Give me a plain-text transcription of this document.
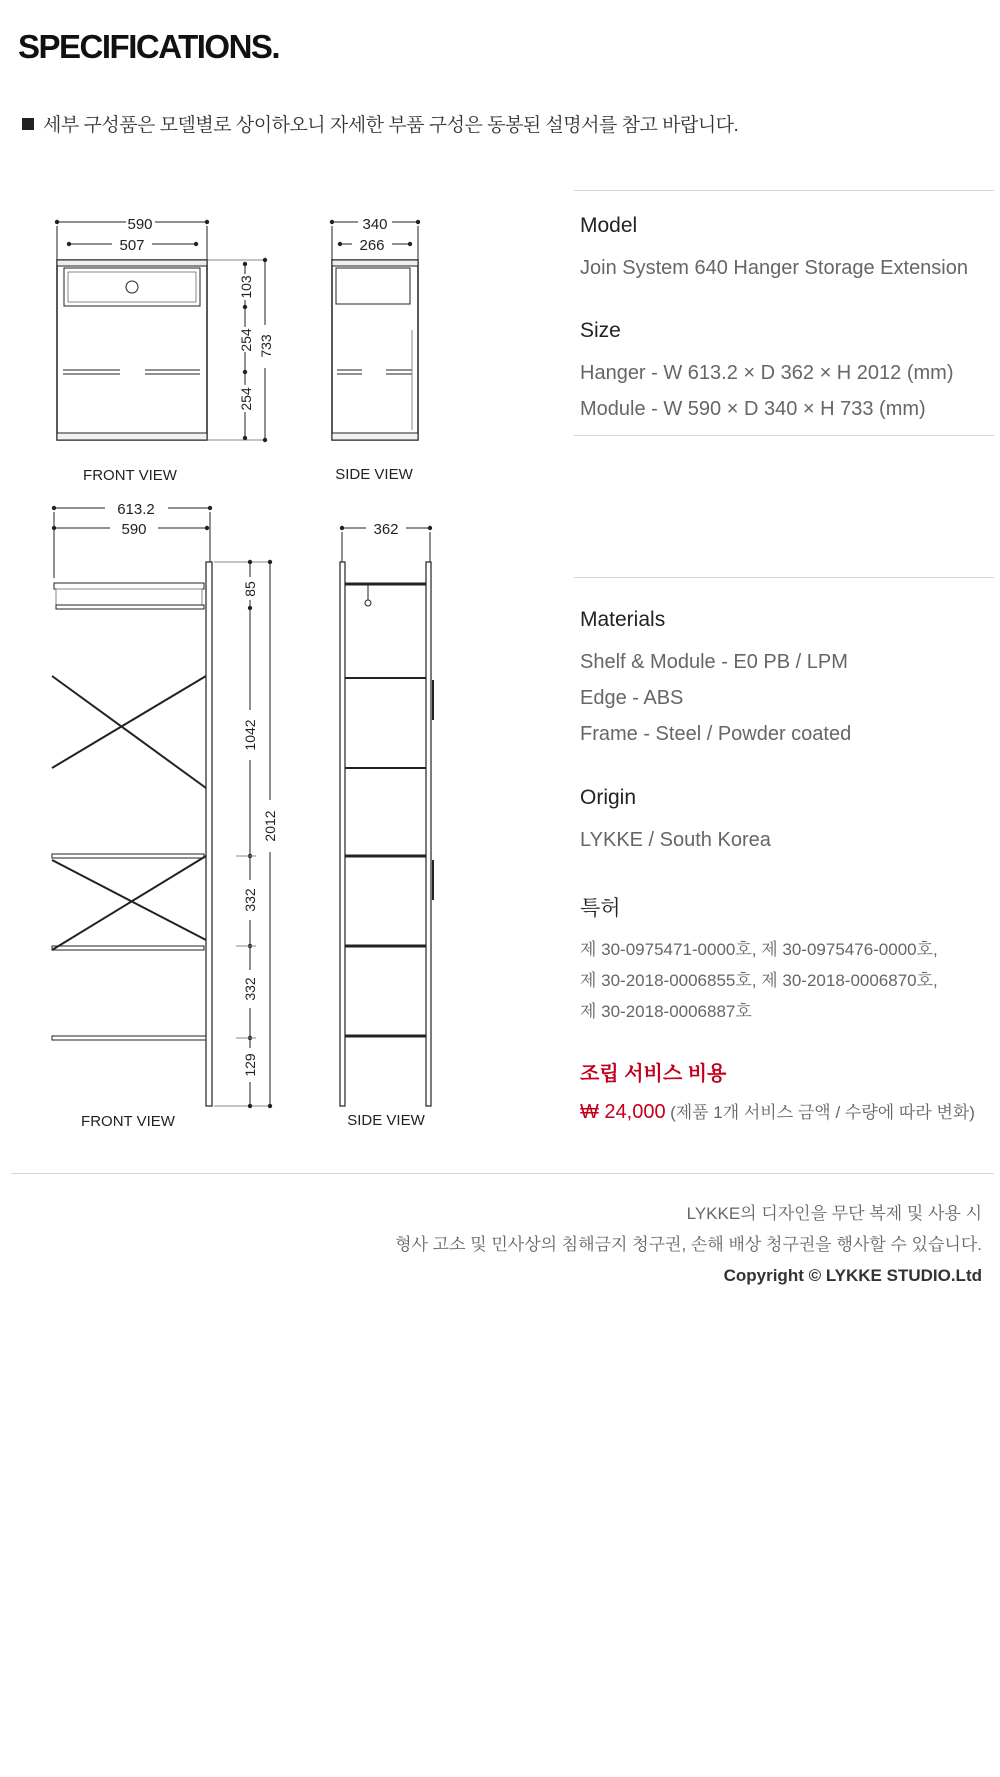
SPECIFICATIONS.
세부 구성품은 모델별로 상이하오니 자세한 부품 구성은 동봉된 설명서를 참고 바랍니다.
590
507
103
254
254
733
FRONT VIEW
340
266
SIDE VIEW
613.2
590
85
1042
2012
332
332
129
FRONT VIEW
362
SIDE VIEW

Model

Join System 640 Hanger Storage Extension

Size

Hanger - W 613.2 × D 362 × H 2012 (mm)

Module - W 590 × D 340 × H 733 (mm)

Materials

Shelf & Module - E0 PB / LPM

Edge - ABS

Frame - Steel / Powder coated

Origin

LYKKE / South Korea

특허

제 30-0975471-0000호, 제 30-0975476-0000호,
제 30-2018-0006855호, 제 30-2018-0006870호,
제 30-2018-0006887호

조립 서비스 비용

₩ 24,000 (제품 1개 서비스 금액 / 수량에 따라 변화)
LYKKE의 디자인을 무단 복제 및 사용 시
형사 고소 및 민사상의 침해금지 청구권, 손해 배상 청구권을 행사할 수 있습니다.
Copyright © LYKKE STUDIO.Ltd
